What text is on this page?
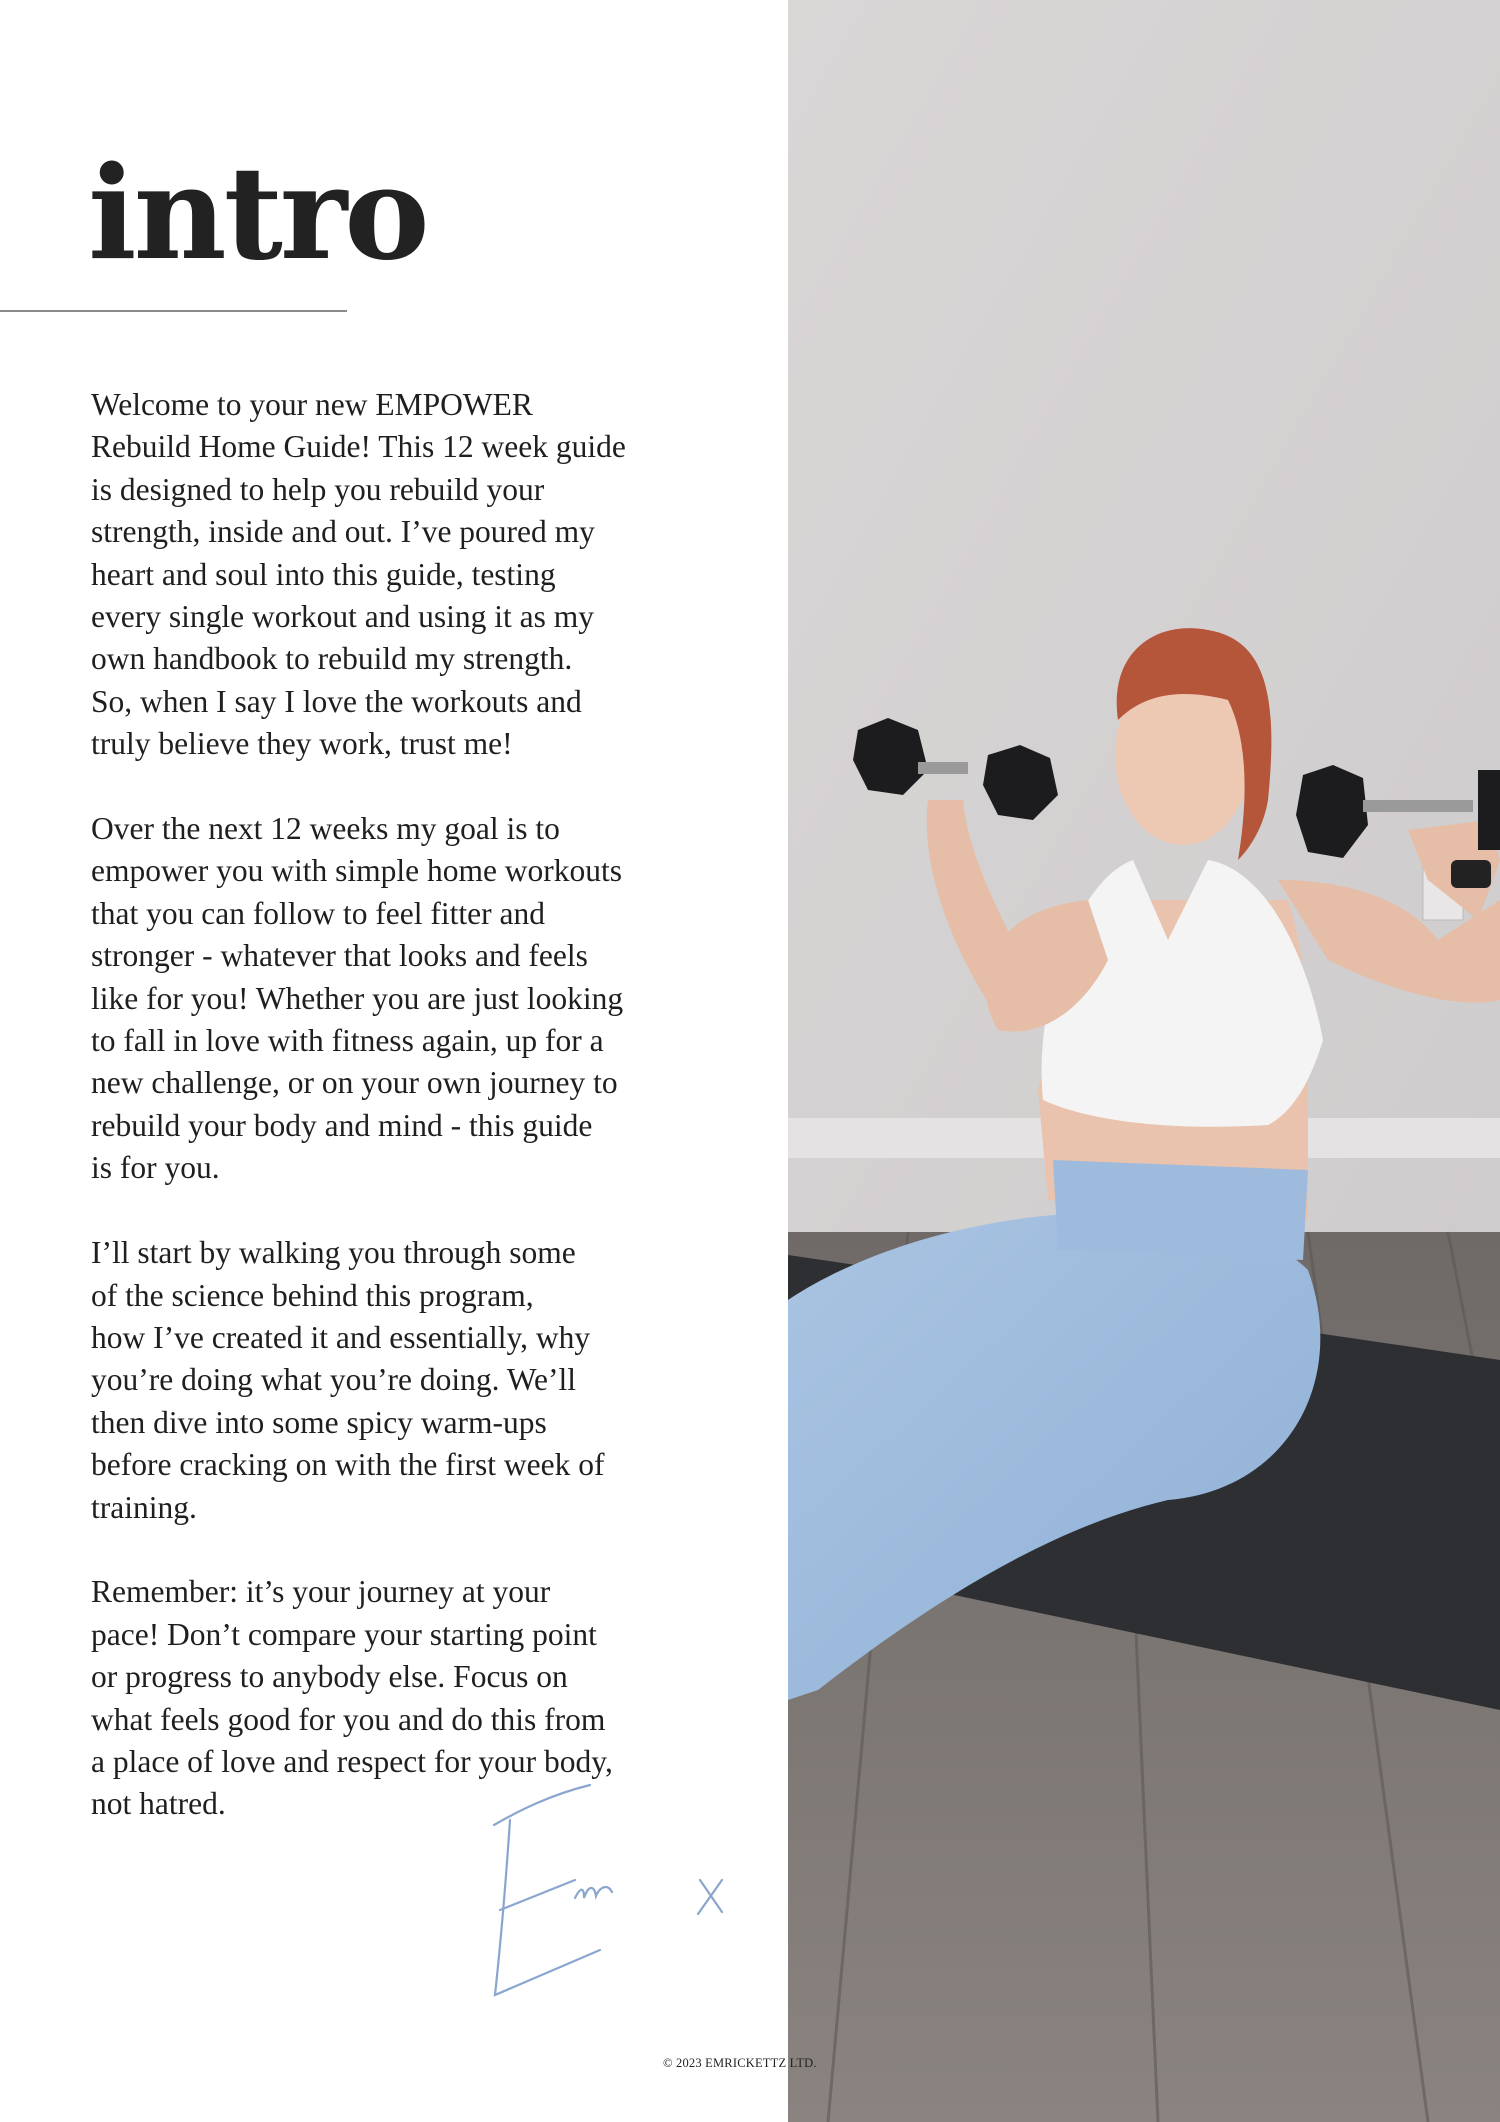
intro
Welcome to your new EMPOWER
Rebuild Home Guide! This 12 week guide
is designed to help you rebuild your
strength, inside and out. I’ve poured my
heart and soul into this guide, testing
every single workout and using it as my
own handbook to rebuild my strength.
So, when I say I love the workouts and
truly believe they work, trust me!
Over the next 12 weeks my goal is to
empower you with simple home workouts
that you can follow to feel fitter and
stronger - whatever that looks and feels
like for you! Whether you are just looking
to fall in love with fitness again, up for a
new challenge, or on your own journey to
rebuild your body and mind - this guide
is for you.
I’ll start by walking you through some
of the science behind this program,
how I’ve created it and essentially, why
you’re doing what you’re doing. We’ll
then dive into some spicy warm-ups
before cracking on with the first week of
training.
Remember: it’s your journey at your
pace! Don’t compare your starting point
or progress to anybody else. Focus on
what feels good for you and do this from
a place of love and respect for your body,
not hatred.
© 2023 EMRICKETTZ LTD.
